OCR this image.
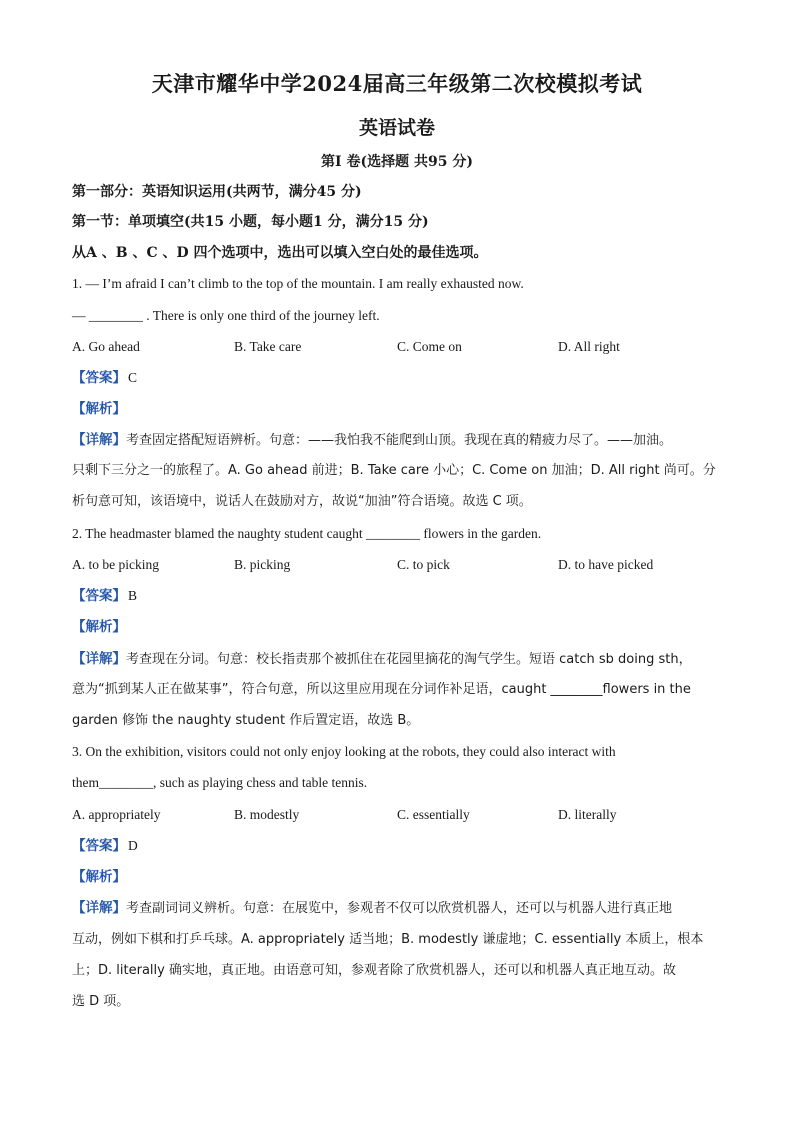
天津市耀华中学2024届高三年级第二次校模拟考试
英语试卷
第I 卷(选择题 共95 分)
第一部分：英语知识运用(共两节，满分45 分)
第一节：单项填空(共15 小题，每小题1 分，满分15 分)
从A 、B 、C 、D 四个选项中，选出可以填入空白处的最佳选项。
1. — I’m afraid I can’t climb to the top of the mountain. I am really exhausted now.
— ________ . There is only one third of the journey left.
A. Go ahead	B. Take care	C. Come on	D. All right
【答案】 C
【解析】
【详解】考查固定搭配短语辨析。句意：——我怕我不能爬到山顶。我现在真的精疲力尽了。——加油。
只剩下三分之一的旅程了。A. Go ahead 前进；B. Take care 小心；C. Come on 加油；D. All right 尚可。分
析句意可知，该语境中，说话人在鼓励对方，故说“加油”符合语境。故选 C 项。
2. The headmaster blamed the naughty student caught ________ flowers in the garden.
A. to be picking	B. picking	C. to pick	D. to have picked
【答案】 B
【解析】
【详解】考查现在分词。句意：校长指责那个被抓住在花园里摘花的淘气学生。短语 catch sb doing sth，
意为“抓到某人正在做某事”，符合句意，所以这里应用现在分词作补足语，caught ________flowers in the
garden 修饰 the naughty student 作后置定语，故选 B。
3. On the exhibition, visitors could not only enjoy looking at the robots, they could also interact with
them________, such as playing chess and table tennis.
A. appropriately	B. modestly	C. essentially	D. literally
【答案】 D
【解析】
【详解】考查副词词义辨析。句意：在展览中，参观者不仅可以欣赏机器人，还可以与机器人进行真正地
互动，例如下棋和打乒乓球。A. appropriately 适当地；B. modestly 谦虚地；C. essentially 本质上，根本
上；D. literally 确实地，真正地。由语意可知，参观者除了欣赏机器人，还可以和机器人真正地互动。故
选 D 项。
